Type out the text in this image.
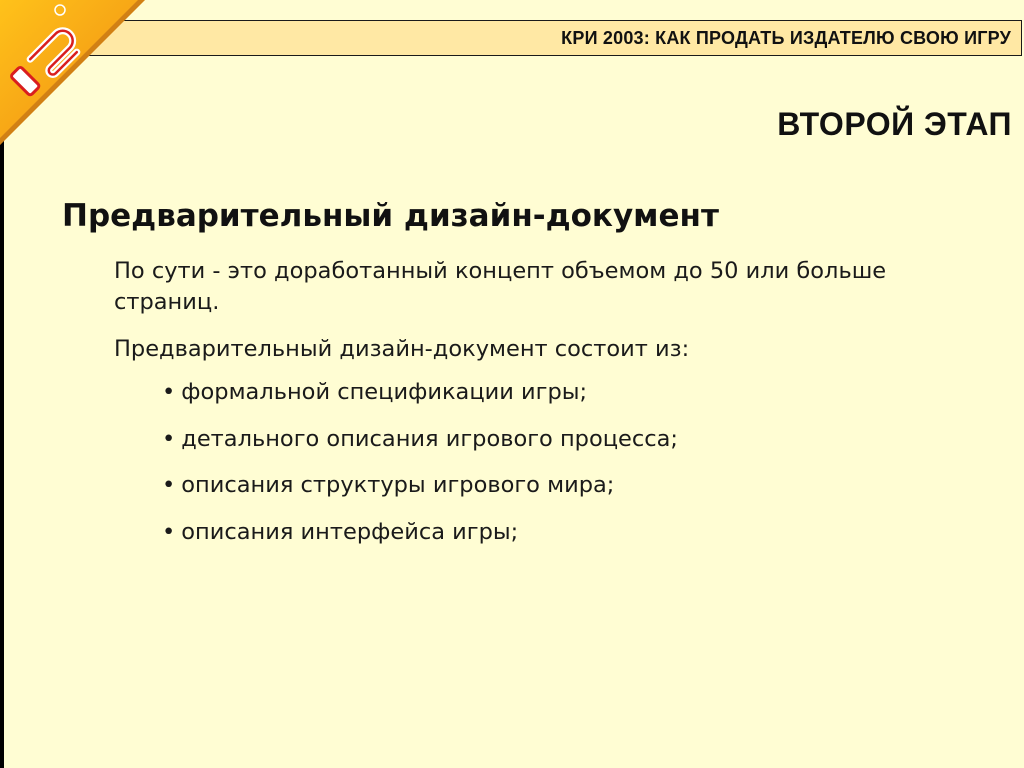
КРИ 2003: КАК ПРОДАТЬ ИЗДАТЕЛЮ СВОЮ ИГРУ
ВТОРОЙ ЭТАП
Предварительный дизайн-документ
По сути - это доработанный концепт объемом до 50 или больше страниц.
Предварительный дизайн-документ состоит из:
• формальной спецификации игры;
• детального описания игрового процесса;
• описания структуры игрового мира;
• описания интерфейса игры;
